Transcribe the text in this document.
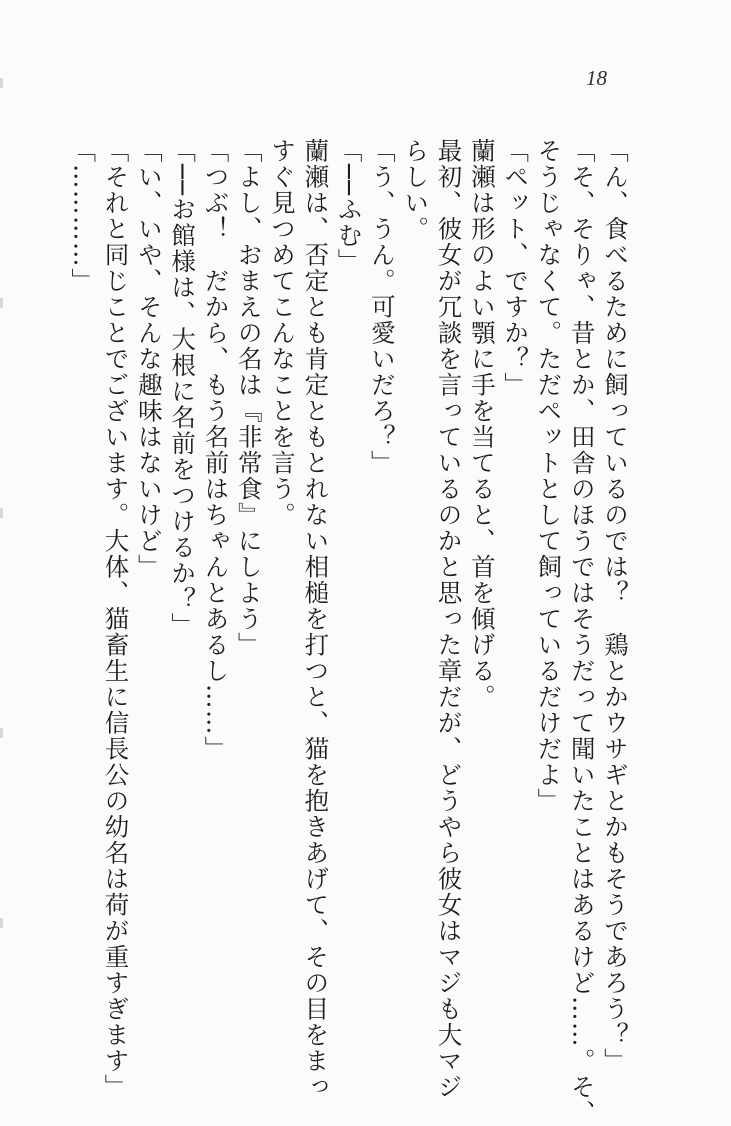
18
「ん、食べるために飼っているのでは？　鶏とかウサギとかもそうであろう？」
「そ、そりゃ、昔とか、田舎のほうではそうだって聞いたことはあるけど……。そ、
そうじゃなくて。ただペットとして飼っているだけだよ」
「ペット、ですか？」
蘭瀬は形のよい顎に手を当てると、首を傾げる。
最初、彼女が冗談を言っているのかと思った章だが、どうやら彼女はマジも大マジ
らしい。
「う、うん。可愛いだろ？」
「──ふむ」
蘭瀬は、否定とも肯定ともとれない相槌を打つと、猫を抱きあげて、その目をまっ
すぐ見つめてこんなことを言う。
「よし、おまえの名は『非常食』にしよう」
「つぶ！　だから、もう名前はちゃんとあるし……」
「──お館様は、大根に名前をつけるか？」
「い、いや、そんな趣味はないけど」
「それと同じことでございます。大体、猫畜生に信長公の幼名は荷が重すぎます」
「…………」
